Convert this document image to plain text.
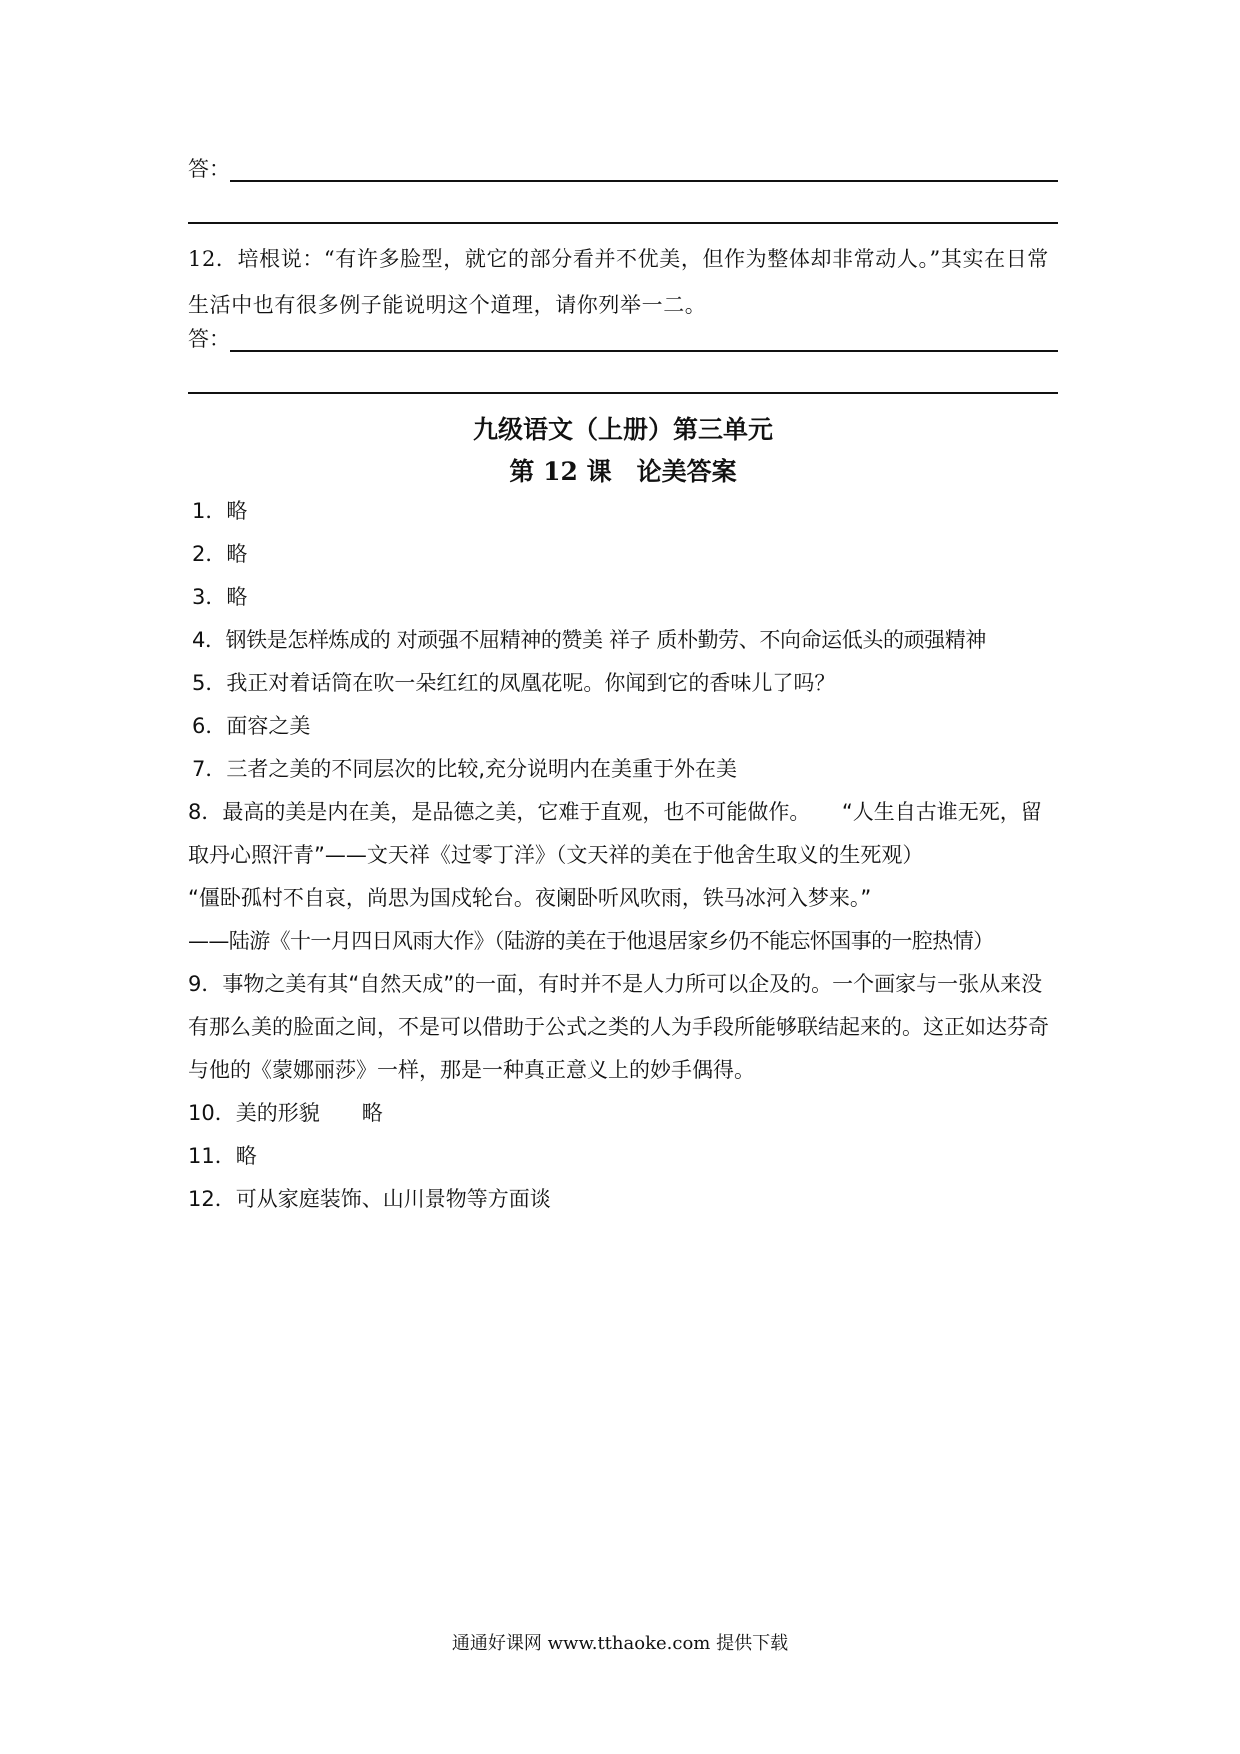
答：
12．培根说：“有许多脸型，就它的部分看并不优美，但作为整体却非常动人。”其实在日常生活中也有很多例子能说明这个道理，请你列举一二。
答：
九级语文（上册）第三单元
第 12 课　论美答案
1．略
2．略
3．略
4．钢铁是怎样炼成的 对顽强不屈精神的赞美 祥子 质朴勤劳、不向命运低头的顽强精神
5．我正对着话筒在吹一朵红红的凤凰花呢。你闻到它的香味儿了吗？
6．面容之美
7．三者之美的不同层次的比较,充分说明内在美重于外在美
8．最高的美是内在美，是品德之美，它难于直观，也不可能做作。　　“人生自古谁无死，留取丹心照汗青”——文天祥《过零丁洋》（文天祥的美在于他舍生取义的生死观）
“僵卧孤村不自哀，尚思为国戍轮台。夜阑卧听风吹雨，铁马冰河入梦来。”
——陆游《十一月四日风雨大作》（陆游的美在于他退居家乡仍不能忘怀国事的一腔热情）
9．事物之美有其“自然天成”的一面，有时并不是人力所可以企及的。一个画家与一张从来没有那么美的脸面之间，不是可以借助于公式之类的人为手段所能够联结起来的。这正如达芬奇与他的《蒙娜丽莎》一样，那是一种真正意义上的妙手偶得。
10．美的形貌　　略
11．略
12．可从家庭装饰、山川景物等方面谈
通通好课网 www.tthaoke.com 提供下载
